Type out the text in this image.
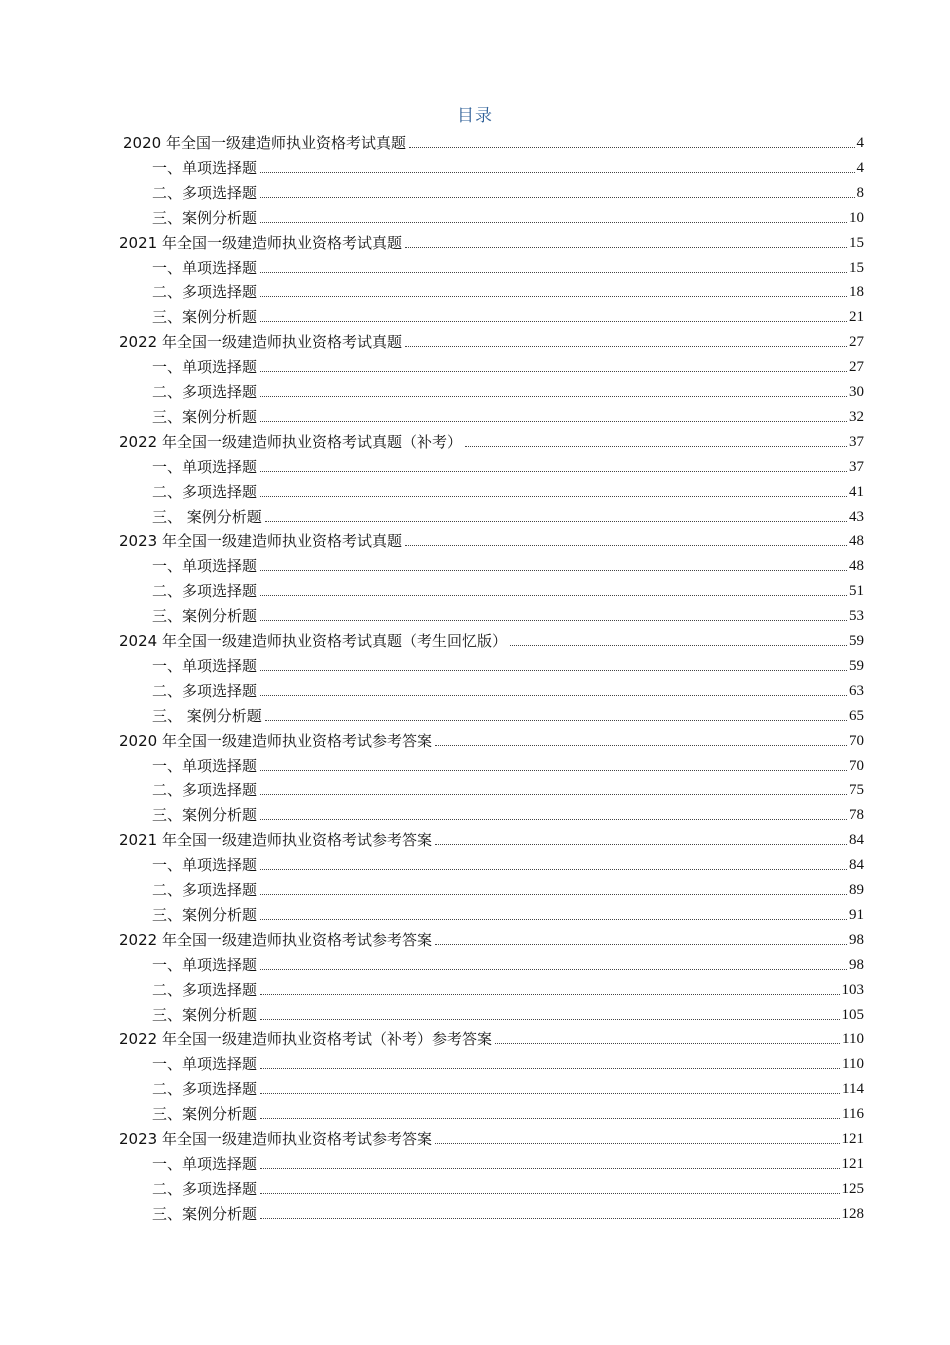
目录
2020 年全国一级建造师执业资格考试真题	4
一、单项选择题	4
二、多项选择题	8
三、案例分析题	10
2021 年全国一级建造师执业资格考试真题	15
一、单项选择题	15
二、多项选择题	18
三、案例分析题	21
2022 年全国一级建造师执业资格考试真题	27
一、单项选择题	27
二、多项选择题	30
三、案例分析题	32
2022 年全国一级建造师执业资格考试真题（补考）	37
一、单项选择题	37
二、多项选择题	41
三、 案例分析题	43
2023 年全国一级建造师执业资格考试真题	48
一、单项选择题	48
二、多项选择题	51
三、案例分析题	53
2024 年全国一级建造师执业资格考试真题（考生回忆版）	59
一、单项选择题	59
二、多项选择题	63
三、 案例分析题	65
2020 年全国一级建造师执业资格考试参考答案	70
一、单项选择题	70
二、多项选择题	75
三、案例分析题	78
2021 年全国一级建造师执业资格考试参考答案	84
一、单项选择题	84
二、多项选择题	89
三、案例分析题	91
2022 年全国一级建造师执业资格考试参考答案	98
一、单项选择题	98
二、多项选择题	103
三、案例分析题	105
2022 年全国一级建造师执业资格考试（补考）参考答案	110
一、单项选择题	110
二、多项选择题	114
三、案例分析题	116
2023 年全国一级建造师执业资格考试参考答案	121
一、单项选择题	121
二、多项选择题	125
三、案例分析题	128
